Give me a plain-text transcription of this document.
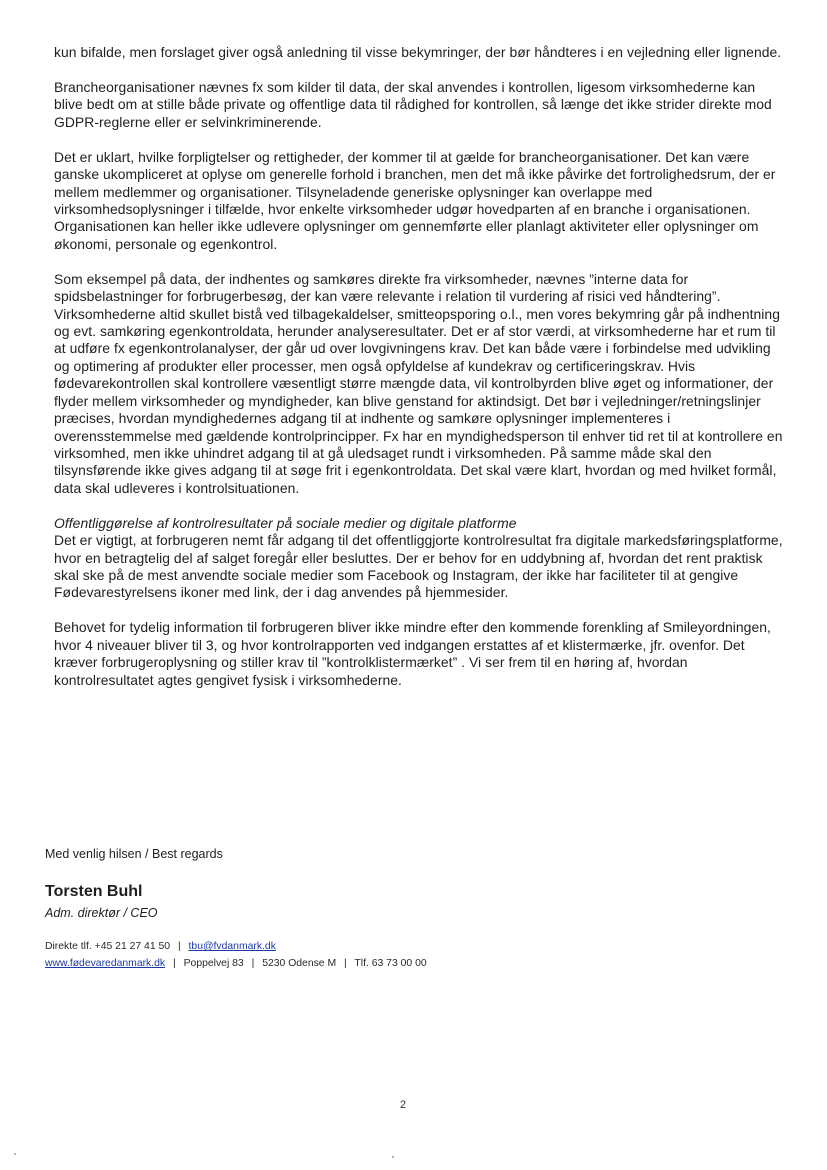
kun bifalde, men forslaget giver også anledning til visse bekymringer, der bør håndteres i en vejledning eller lignende.

Brancheorganisationer nævnes fx som kilder til data, der skal anvendes i kontrollen, ligesom virksomhederne kan blive bedt om at stille både private og offentlige data til rådighed for kontrollen, så længe det ikke strider direkte mod GDPR-reglerne eller er selvinkriminerende.

Det er uklart, hvilke forpligtelser og rettigheder, der kommer til at gælde for brancheorganisationer. Det kan være ganske ukompliceret at oplyse om generelle forhold i branchen, men det må ikke påvirke det fortrolighedsrum, der er mellem medlemmer og organisationer. Tilsyneladende generiske oplysninger kan overlappe med virksomhedsoplysninger i tilfælde, hvor enkelte virksomheder udgør hovedparten af en branche i organisationen. Organisationen kan heller ikke udlevere oplysninger om gennemførte eller planlagt aktiviteter eller oplysninger om økonomi, personale og egenkontrol.

Som eksempel på data, der indhentes og samkøres direkte fra virksomheder, nævnes ”interne data for spidsbelastninger for forbrugerbesøg, der kan være relevante i relation til vurdering af risici ved håndtering”. Virksomhederne altid skullet bistå ved tilbagekaldelser, smitteopsporing o.l., men vores bekymring går på indhentning og evt. samkøring egenkontroldata, herunder analyseresultater. Det er af stor værdi, at virksomhederne har et rum til at udføre fx egenkontrolanalyser, der går ud over lovgivningens krav. Det kan både være i forbindelse med udvikling og optimering af produkter eller processer, men også opfyldelse af kundekrav og certificeringskrav. Hvis fødevarekontrollen skal kontrollere væsentligt større mængde data, vil kontrolbyrden blive øget og informationer, der flyder mellem virksomheder og myndigheder, kan blive genstand for aktindsigt. Det bør i vejledninger/retningslinjer præcises, hvordan myndighedernes adgang til at indhente og samkøre oplysninger implementeres i overensstemmelse med gældende kontrolprincipper. Fx har en myndighedsperson til enhver tid ret til at kontrollere en virksomhed, men ikke uhindret adgang til at gå uledsaget rundt i virksomheden. På samme måde skal den tilsynsførende ikke gives adgang til at søge frit i egenkontroldata. Det skal være klart, hvordan og med hvilket formål, data skal udleveres i kontrolsituationen.

Offentliggørelse af kontrolresultater på sociale medier og digitale platforme

Det er vigtigt, at forbrugeren nemt får adgang til det offentliggjorte kontrolresultat fra digitale markedsføringsplatforme, hvor en betragtelig del af salget foregår eller besluttes. Der er behov for en uddybning af, hvordan det rent praktisk skal ske på de mest anvendte sociale medier som Facebook og Instagram, der ikke har faciliteter til at gengive Fødevarestyrelsens ikoner med link, der i dag anvendes på hjemmesider.

Behovet for tydelig information til forbrugeren bliver ikke mindre efter den kommende forenkling af Smileyordningen, hvor 4 niveauer bliver til 3, og hvor kontrolrapporten ved indgangen erstattes af et klistermærke, jfr. ovenfor. Det kræver forbrugeroplysning og stiller krav til ”kontrolklistermærket” . Vi ser frem til en høring af, hvordan kontrolresultatet agtes gengivet fysisk i virksomhederne.

Med venlig hilsen / Best regards
Torsten Buhl
Adm. direktør / CEO
Direkte tlf. +45 21 27 41 50 | tbu@fvdanmark.dk
www.fødevaredanmark.dk | Poppelvej 83 | 5230 Odense M | Tlf. 63 73 00 00
2
